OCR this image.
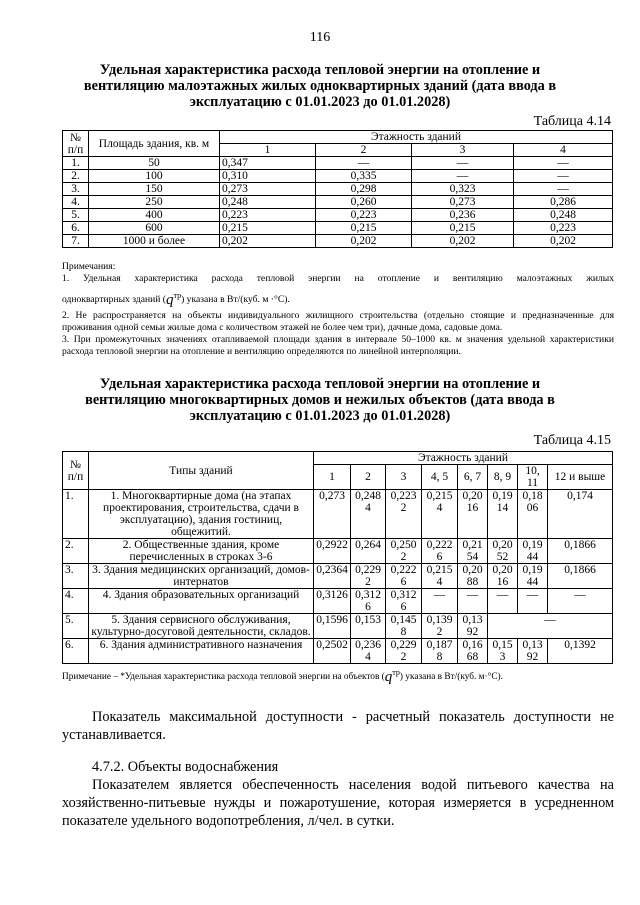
116
Удельная характеристика расхода тепловой энергии на отопление и
вентиляцию малоэтажных жилых одноквартирных зданий (дата ввода в
эксплуатацию с 01.01.2023 до 01.01.2028)
Таблица 4.14
№ п/п	Площадь здания, кв. м	Этажность зданий			
		1	2	3	4
1.	50	0,347	—	—	—
2.	100	0,310	0,335	—	—
3.	150	0,273	0,298	0,323	—
4.	250	0,248	0,260	0,273	0,286
5.	400	0,223	0,223	0,236	0,248
6.	600	0,215	0,215	0,215	0,223
7.	1000 и более	0,202	0,202	0,202	0,202

Примечания:

1. Удельная характеристика расхода тепловой энергии на отопление и вентиляцию малоэтажных жилых

одноквартирных зданий $(q^{тр})$ указана в Вт/(куб. м ·°С).

2. Не распространяется на объекты индивидуального жилищного строительства (отдельно стоящие и предназначенные для проживания одной семьи жилые дома с количеством этажей не более чем три), дачные дома, садовые дома.

3. При промежуточных значениях отапливаемой площади здания в интервале 50–1000 кв. м значения удельной характеристики расхода тепловой энергии на отопление и вентиляцию определяются по линейной интерполяции.

Удельная характеристика расхода тепловой энергии на отопление и
вентиляцию многоквартирных домов и нежилых объектов (дата ввода в
эксплуатацию с 01.01.2023 до 01.01.2028)
Таблица 4.15
№ п/п	Типы зданий	Этажность зданий							
		1	2	3	4, 5	6, 7	8, 9	10, 11	12 и выше
1.	1. Многоквартирные дома (на этапах проектирования, строительства, сдачи в эксплуатацию), здания гостиниц, общежитий.	0,273	0,2484	0,2232	0,2154	0,2016	0,1914	0,1806	0,174
2.	2. Общественные здания, кроме перечисленных в строках 3-6	0,2922	0,264	0,2502	0,2226	0,2154	0,2052	0,1944	0,1866
3.	3. Здания медицинских организаций, домов-интернатов	0,2364	0,2292	0,2226	0,2154	0,2088	0,2016	0,1944	0,1866
4.	4. Здания образовательных организаций	0,3126	0,3126	0,3126	—	—	—	—	—
5.	5. Здания сервисного обслуживания, культурно-досуговой деятельности, складов.	0,1596	0,153	0,1458	0,1392	0,1392	—		
6.	6. Здания административного назначения	0,2502	0,2364	0,2292	0,1878	0,1668	0,153	0,1392	0,1392
Примечание – *Удельная характеристика расхода тепловой энергии на объектов $(q^{тр})$ указана в Вт/(куб. м·°С).

Показатель максимальной доступности - расчетный показатель доступности не устанавливается.

4.7.2. Объекты водоснабжения

Показателем является обеспеченность населения водой питьевого качества на хозяйственно-питьевые нужды и пожаротушение, которая измеряется в усредненном показателе удельного водопотребления, л/чел. в сутки.
